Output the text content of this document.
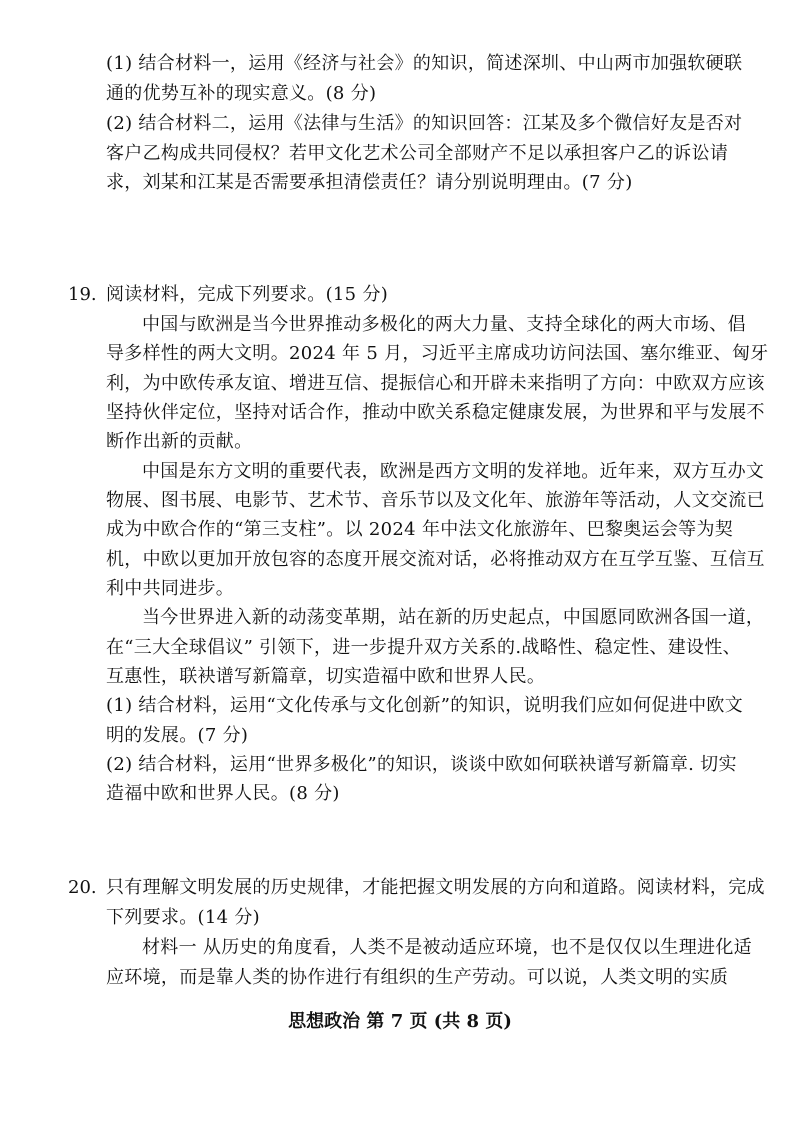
(1) 结合材料一，运用《经济与社会》的知识，简述深圳、中山两市加强软硬联
通的优势互补的现实意义。(8 分)
(2) 结合材料二，运用《法律与生活》的知识回答：江某及多个微信好友是否对
客户乙构成共同侵权？若甲文化艺术公司全部财产不足以承担客户乙的诉讼请
求，刘某和江某是否需要承担清偿责任？请分别说明理由。(7 分)
19. 阅读材料，完成下列要求。(15 分)
中国与欧洲是当今世界推动多极化的两大力量、支持全球化的两大市场、倡
导多样性的两大文明。2024 年 5 月，习近平主席成功访问法国、塞尔维亚、匈牙
利，为中欧传承友谊、增进互信、提振信心和开辟未来指明了方向：中欧双方应该
坚持伙伴定位，坚持对话合作，推动中欧关系稳定健康发展，为世界和平与发展不
断作出新的贡献。
中国是东方文明的重要代表，欧洲是西方文明的发祥地。近年来，双方互办文
物展、图书展、电影节、艺术节、音乐节以及文化年、旅游年等活动，人文交流已
成为中欧合作的“第三支柱”。以 2024 年中法文化旅游年、巴黎奥运会等为契
机，中欧以更加开放包容的态度开展交流对话，必将推动双方在互学互鉴、互信互
利中共同进步。
当今世界进入新的动荡变革期，站在新的历史起点，中国愿同欧洲各国一道，
在“三大全球倡议” 引领下，进一步提升双方关系的.战略性、稳定性、建设性、
互惠性，联袂谱写新篇章，切实造福中欧和世界人民。
(1) 结合材料，运用“文化传承与文化创新”的知识，说明我们应如何促进中欧文
明的发展。(7 分)
(2) 结合材料，运用“世界多极化”的知识，谈谈中欧如何联袂谱写新篇章. 切实
造福中欧和世界人民。(8 分)
20. 只有理解文明发展的历史规律，才能把握文明发展的方向和道路。阅读材料，完成
下列要求。(14 分)
材料一 从历史的角度看，人类不是被动适应环境，也不是仅仅以生理进化适
应环境，而是靠人类的协作进行有组织的生产劳动。可以说，人类文明的实质
思想政治 第 7 页 (共 8 页)
